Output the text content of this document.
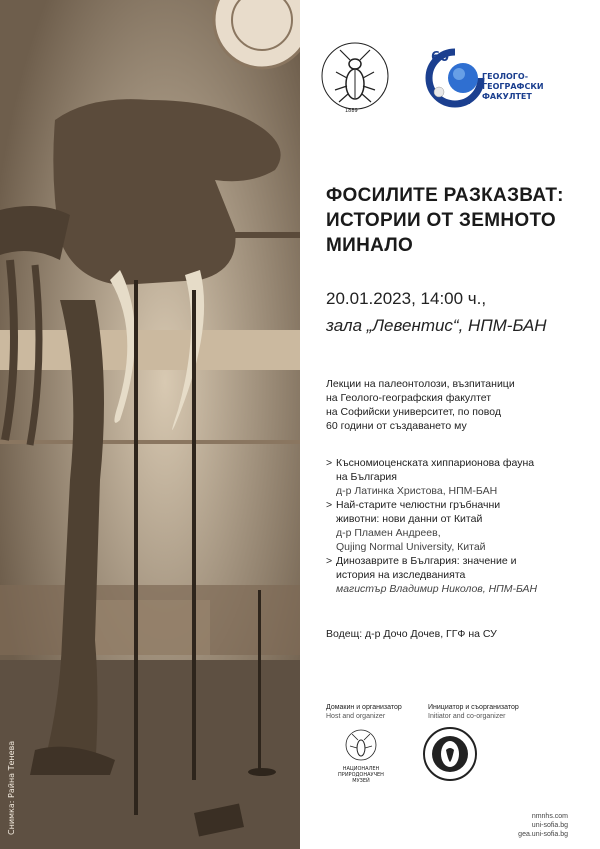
Снимка: Райна Тенева
1889
60
ГЕОЛОГО-
ГЕОГРАФСКИ
ФАКУЛТЕТ
години
ФОСИЛИТЕ РАЗКАЗВАТ:
ИСТОРИИ ОТ ЗЕМНОТО
МИНАЛО
20.01.2023, 14:00 ч.,
зала „Левентис“, НПМ-БАН
Лекции на палеонтолози, възпитаници
на Геолого-географския факултет
на Софийски университет, по повод
60 години от създаването му
> Късномиоценската хиппарионова фауна
на България
д-р Латинка Христова, НПМ-БАН
> Най-старите челюстни гръбначни
животни: нови данни от Китай
д-р Пламен Андреев,
Qujing Normal University, Китай
> Динозаврите в България: значение и
история на изследванията
магистър Владимир Николов, НПМ-БАН
Водещ: д-р Дочо Дочев, ГГФ на СУ
Домакин и организатор
Host and organizer
НАЦИОНАЛЕН
ПРИРОДОНАУЧЕН
МУЗЕЙ
Инициатор и съорганизатор
Initiator and co-organizer
nmnhs.com
uni-sofia.bg
gea.uni-sofia.bg
